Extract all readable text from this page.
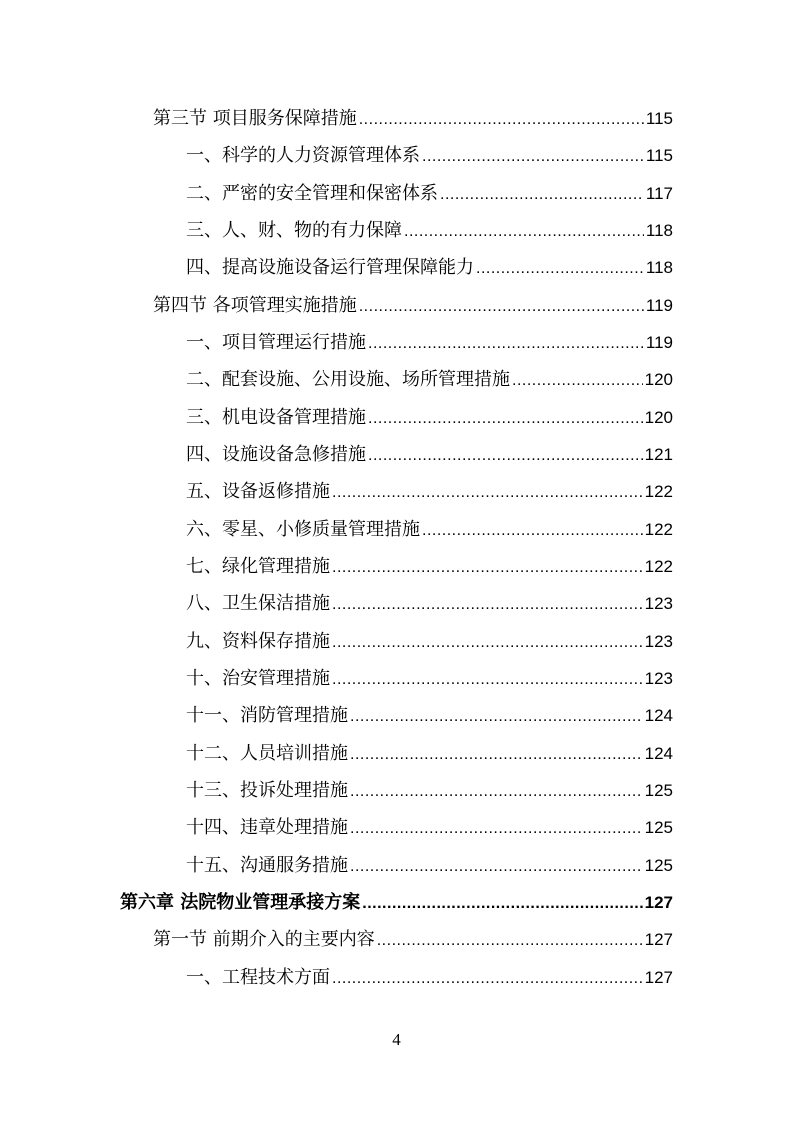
第三节 项目服务保障措施 .....	115
一、科学的人力资源管理体系 .....	115
二、严密的安全管理和保密体系 .....	117
三、人、财、物的有力保障 .....	118
四、提高设施设备运行管理保障能力 .....	118
第四节 各项管理实施措施 .....	119
一、项目管理运行措施 .....	119
二、配套设施、公用设施、场所管理措施 .....	120
三、机电设备管理措施 .....	120
四、设施设备急修措施 .....	121
五、设备返修措施 .....	122
六、零星、小修质量管理措施 .....	122
七、绿化管理措施 .....	122
八、卫生保洁措施 .....	123
九、资料保存措施 .....	123
十、治安管理措施 .....	123
十一、消防管理措施 .....	124
十二、人员培训措施 .....	124
十三、投诉处理措施 .....	125
十四、违章处理措施 .....	125
十五、沟通服务措施 .....	125
第六章 法院物业管理承接方案 .....	127
第一节 前期介入的主要内容 .....	127
一、工程技术方面 .....	127
4
